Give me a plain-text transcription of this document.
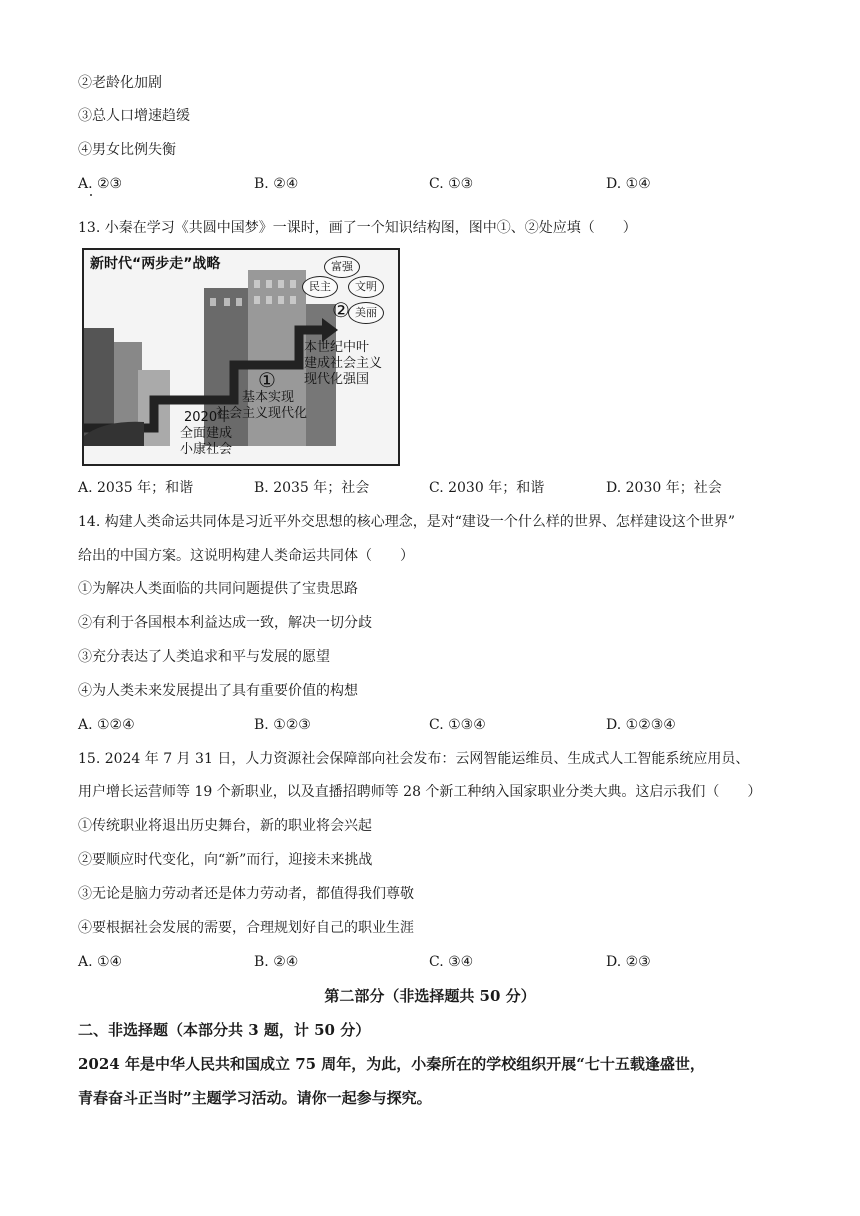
②老龄化加剧
③总人口增速趋缓
④男女比例失衡
A. ②③	B. ②④	C. ①③	D. ①④
13. 小秦在学习《共圆中国梦》一课时，画了一个知识结构图，图中①、②处应填（　　）
新时代“两步走”战略	富强
民主	文明
美丽
②
本世纪中叶
建成社会主义
现代化强国
①
基本实现
社会主义现代化
2020年
全面建成
小康社会
A. 2035 年；和谐	B. 2035 年；社会	C. 2030 年；和谐	D. 2030 年；社会
14. 构建人类命运共同体是习近平外交思想的核心理念，是对“建设一个什么样的世界、怎样建设这个世界”
给出的中国方案。这说明构建人类命运共同体（　　）
①为解决人类面临的共同问题提供了宝贵思路
②有利于各国根本利益达成一致，解决一切分歧
③充分表达了人类追求和平与发展的愿望
④为人类未来发展提出了具有重要价值的构想
A. ①②④	B. ①②③	C. ①③④	D. ①②③④
15. 2024 年 7 月 31 日，人力资源社会保障部向社会发布：云网智能运维员、生成式人工智能系统应用员、
用户增长运营师等 19 个新职业，以及直播招聘师等 28 个新工种纳入国家职业分类大典。这启示我们（　　）
①传统职业将退出历史舞台，新的职业将会兴起
②要顺应时代变化，向“新”而行，迎接未来挑战
③无论是脑力劳动者还是体力劳动者，都值得我们尊敬
④要根据社会发展的需要，合理规划好自己的职业生涯
A. ①④	B. ②④	C. ③④	D. ②③
第二部分（非选择题共 50 分）
二、非选择题（本部分共 3 题，计 50 分）
2024 年是中华人民共和国成立 75 周年，为此，小秦所在的学校组织开展“七十五载逢盛世，
青春奋斗正当时”主题学习活动。请你一起参与探究。
